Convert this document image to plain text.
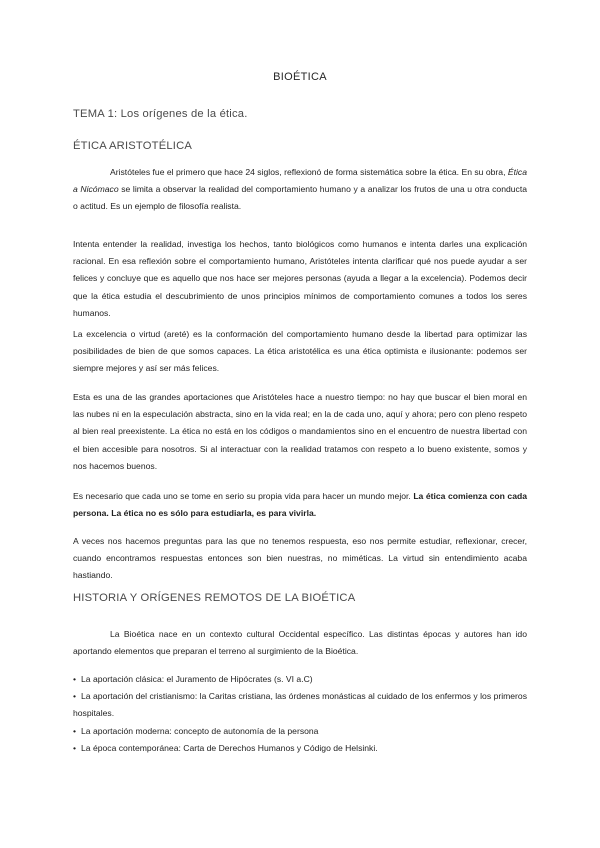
BIOÉTICA
TEMA 1: Los orígenes de la ética.
ÉTICA ARISTOTÉLICA

Aristóteles fue el primero que hace 24 siglos, reflexionó de forma sistemática sobre la ética. En su obra, Ética a Nicómaco se limita a observar la realidad del comportamiento humano y a analizar los frutos de una u otra conducta o actitud. Es un ejemplo de filosofía realista.

Intenta entender la realidad, investiga los hechos, tanto biológicos como humanos e intenta darles una explicación racional. En esa reflexión sobre el comportamiento humano, Aristóteles intenta clarificar qué nos puede ayudar a ser felices y concluye que es aquello que nos hace ser mejores personas (ayuda a llegar a la excelencia). Podemos decir que la ética estudia el descubrimiento de unos principios mínimos de comportamiento comunes a todos los seres humanos.

La excelencia o virtud (areté) es la conformación del comportamiento humano desde la libertad para optimizar las posibilidades de bien de que somos capaces. La ética aristotélica es una ética optimista e ilusionante: podemos ser siempre mejores y así ser más felices.

Esta es una de las grandes aportaciones que Aristóteles hace a nuestro tiempo: no hay que buscar el bien moral en las nubes ni en la especulación abstracta, sino en la vida real; en la de cada uno, aquí y ahora; pero con pleno respeto al bien real preexistente. La ética no está en los códigos o mandamientos sino en el encuentro de nuestra libertad con el bien accesible para nosotros. Si al interactuar con la realidad tratamos con respeto a lo bueno existente, somos y nos hacemos buenos.

Es necesario que cada uno se tome en serio su propia vida para hacer un mundo mejor. La ética comienza con cada persona. La ética no es sólo para estudiarla, es para vivirla.

A veces nos hacemos preguntas para las que no tenemos respuesta, eso nos permite estudiar, reflexionar, crecer, cuando encontramos respuestas entonces son bien nuestras, no miméticas. La virtud sin entendimiento acaba hastiando.

HISTORIA Y ORÍGENES REMOTOS DE LA BIOÉTICA

La Bioética nace en un contexto cultural Occidental específico. Las distintas épocas y autores han ido aportando elementos que preparan el terreno al surgimiento de la Bioética.

• La aportación clásica: el Juramento de Hipócrates (s. VI a.C)
• La aportación del cristianismo: la Caritas cristiana, las órdenes monásticas al cuidado de los enfermos y los primeros hospitales.
• La aportación moderna: concepto de autonomía de la persona
• La época contemporánea: Carta de Derechos Humanos y Código de Helsinki.
